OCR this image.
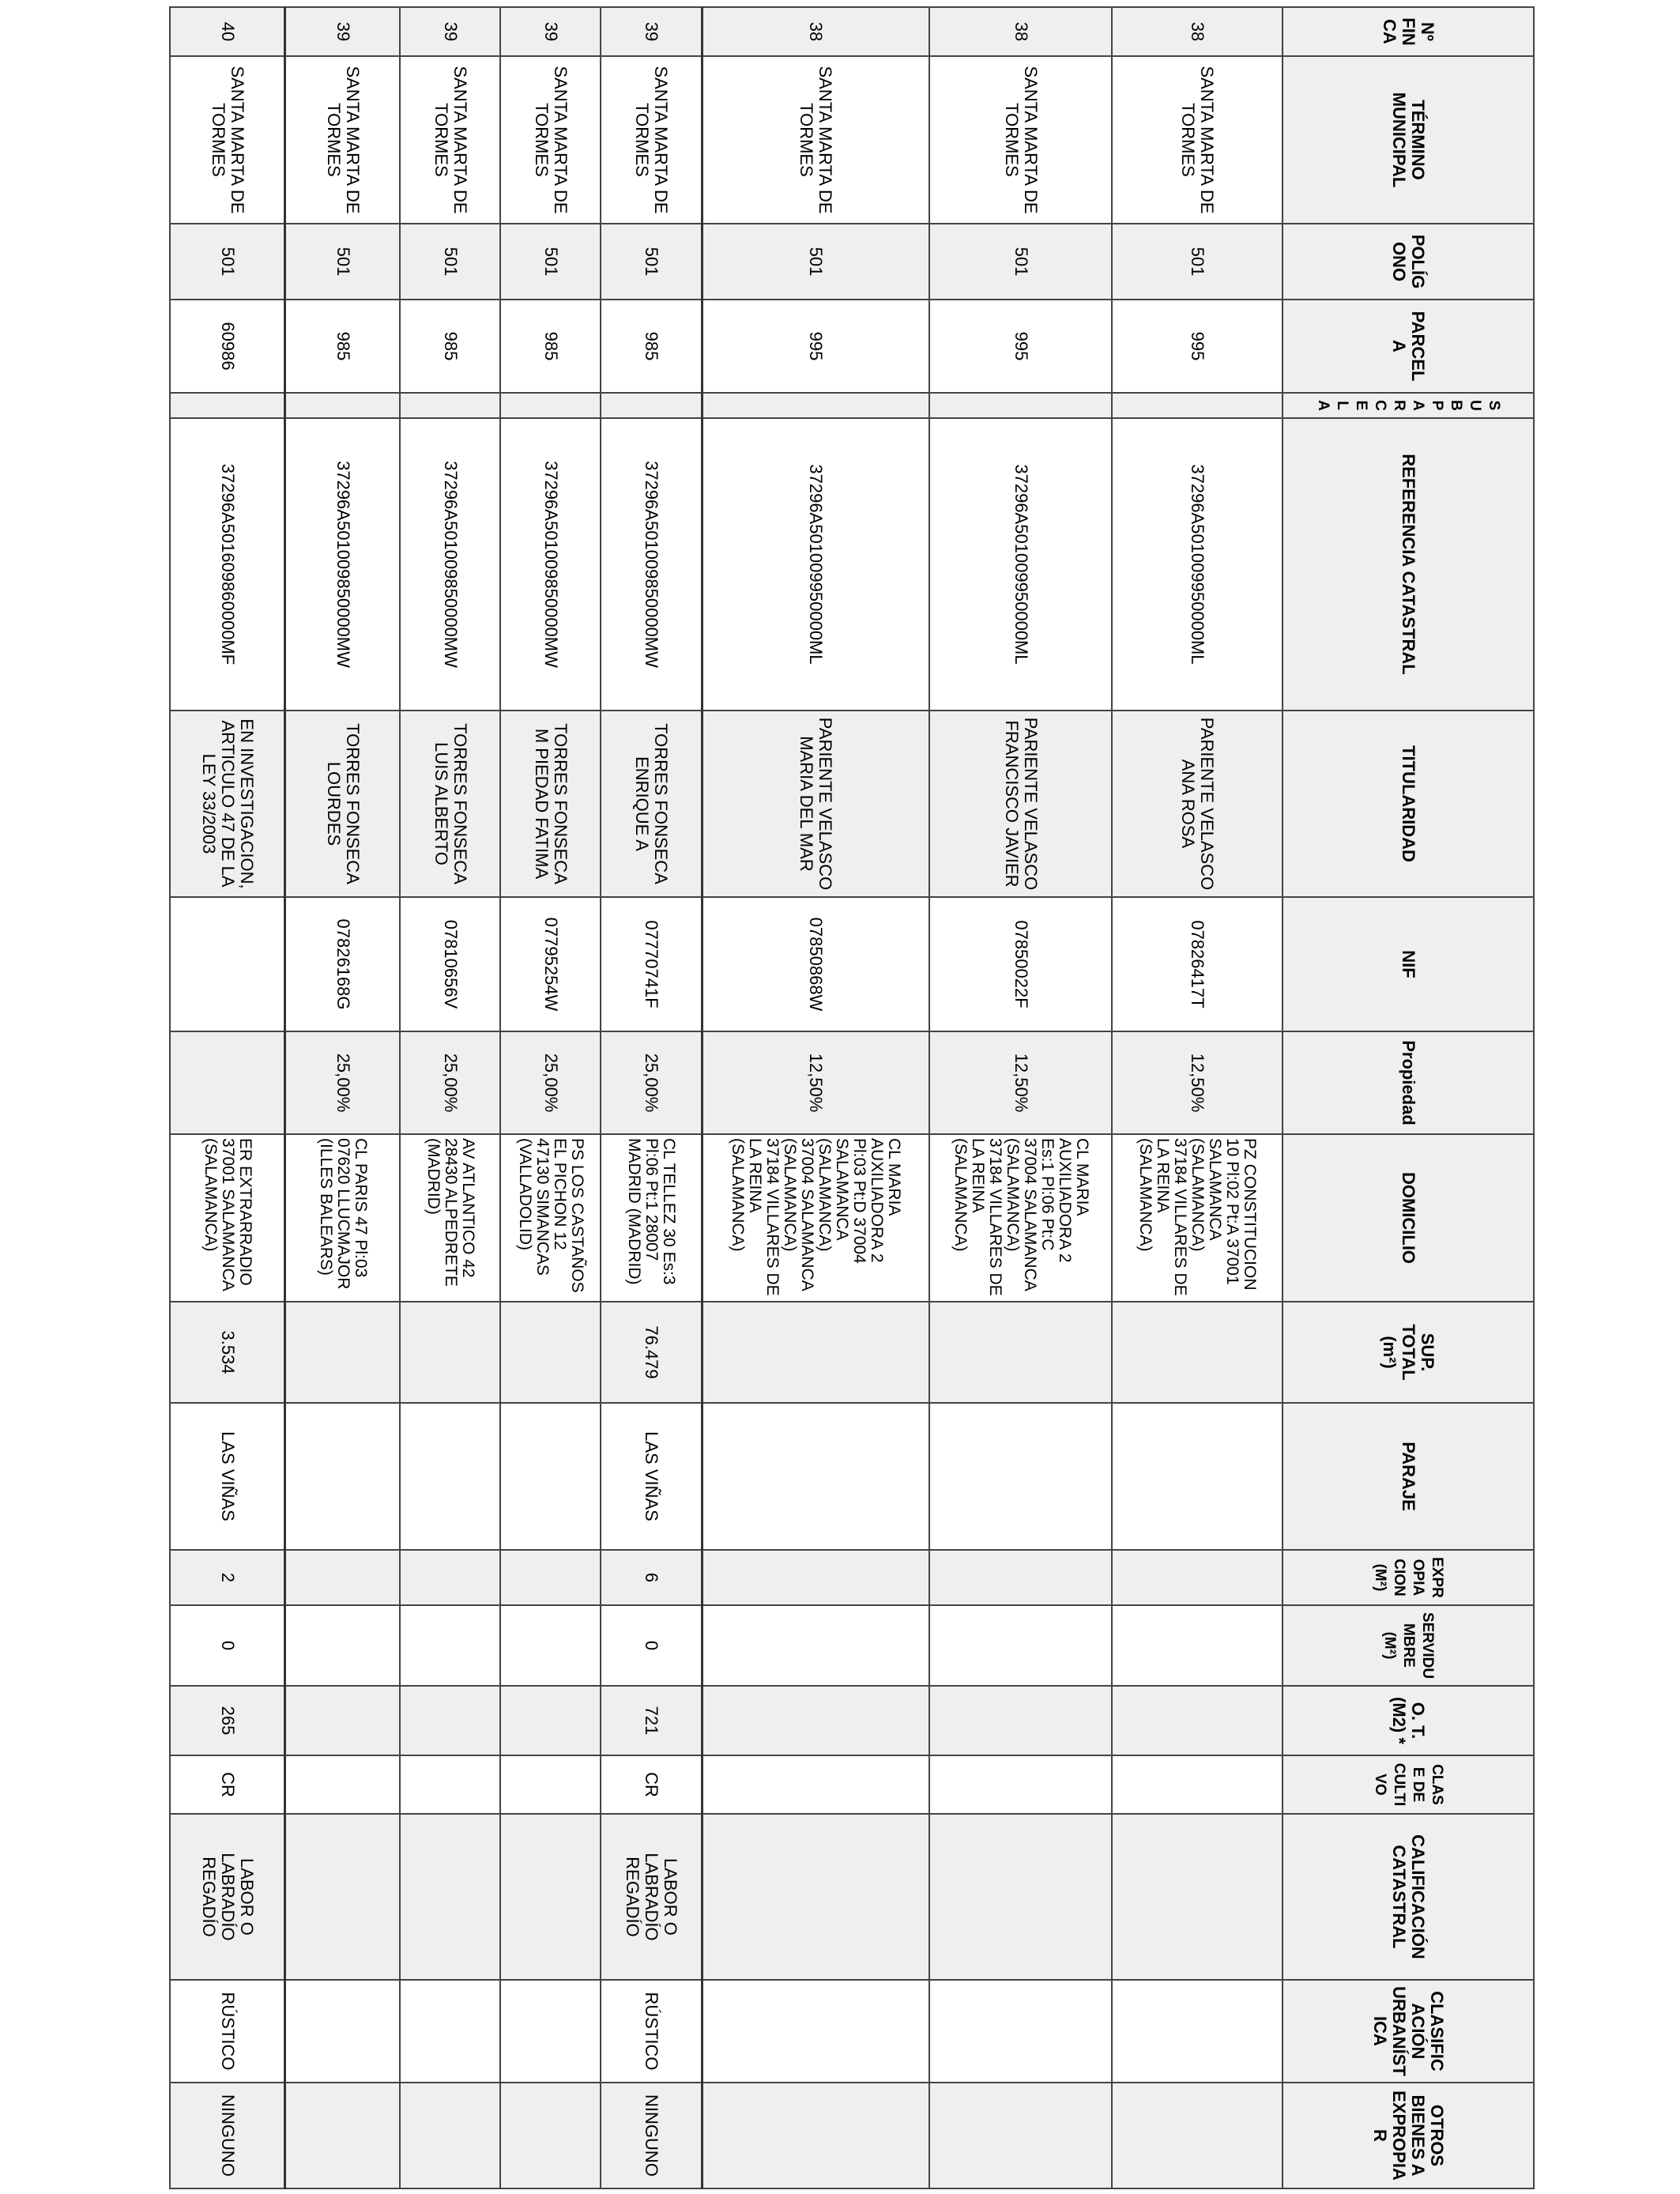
Nº FINCA	TÉRMINO MUNICIPAL	POLÍGONO	PARCELA	SUBPARCELA	REFERENCIA CATASTRAL	TITULARIDAD	NIF	Propiedad	DOMICILIO	SUP. TOTAL (m²)	PARAJE	EXPROPIACION (M²)	SERVIDUMBRE (M²)	O. T. (M2) *	CLASE DE CULTIVO	CALIFICACIÓN CATASTRAL	CLASIFICACIÓN URBANÍSTICA	OTROS BIENES A EXPROPIAR
38	SANTA MARTA DE TORMES	501	995		37296A501009950000ML	PARIENTE VELASCO ANA ROSA	07826417T	12,50%	PZ CONSTITUCION 10 Pl:02 Pt:A 37001 SALAMANCA (SALAMANCA) 37184 VILLARES DE LA REINA (SALAMANCA)									
38	SANTA MARTA DE TORMES	501	995		37296A501009950000ML	PARIENTE VELASCO FRANCISCO JAVIER	07850022F	12,50%	CL MARIA AUXILIADORA 2 Es:1 Pl:06 Pt:C 37004 SALAMANCA (SALAMANCA) 37184 VILLARES DE LA REINA (SALAMANCA)									
38	SANTA MARTA DE TORMES	501	995		37296A501009950000ML	PARIENTE VELASCO MARIA DEL MAR	07850868W	12,50%	CL MARIA AUXILIADORA 2 Pl:03 Pt:D 37004 SALAMANCA (SALAMANCA) 37004 SALAMANCA (SALAMANCA) 37184 VILLARES DE LA REINA (SALAMANCA)									
39	SANTA MARTA DE TORMES	501	985		37296A501009850000MW	TORRES FONSECA ENRIQUE A	07770741F	25,00%	CL TELLEZ 30 Es:3 Pl:06 Pt:1 28007 MADRID (MADRID)	76.479	LAS VIÑAS	6	0	721	CR	LABOR O LABRADÍO REGADÍO	RÚSTICO	NINGUNO
39	SANTA MARTA DE TORMES	501	985		37296A501009850000MW	TORRES FONSECA M PIEDAD FATIMA	07795254W	25,00%	PS LOS CASTAÑOS EL PICHON 12 47130 SIMANCAS (VALLADOLID)									
39	SANTA MARTA DE TORMES	501	985		37296A501009850000MW	TORRES FONSECA LUIS ALBERTO	07810656V	25,00%	AV ATLANTICO 42 28430 ALPEDRETE (MADRID)									
39	SANTA MARTA DE TORMES	501	985		37296A501009850000MW	TORRES FONSECA LOURDES	07826168G	25,00%	CL PARIS 47 Pl:03 07620 LLUCMAJOR (ILLES BALEARS)									
40	SANTA MARTA DE TORMES	501	60986		37296A501609860000MF	EN INVESTIGACION, ARTICULO 47 DE LA LEY 33/2003			ER EXTRARRADIO 37001 SALAMANCA (SALAMANCA)	3.534	LAS VIÑAS	2	0	265	CR	LABOR O LABRADÍO REGADÍO	RÚSTICO	NINGUNO
